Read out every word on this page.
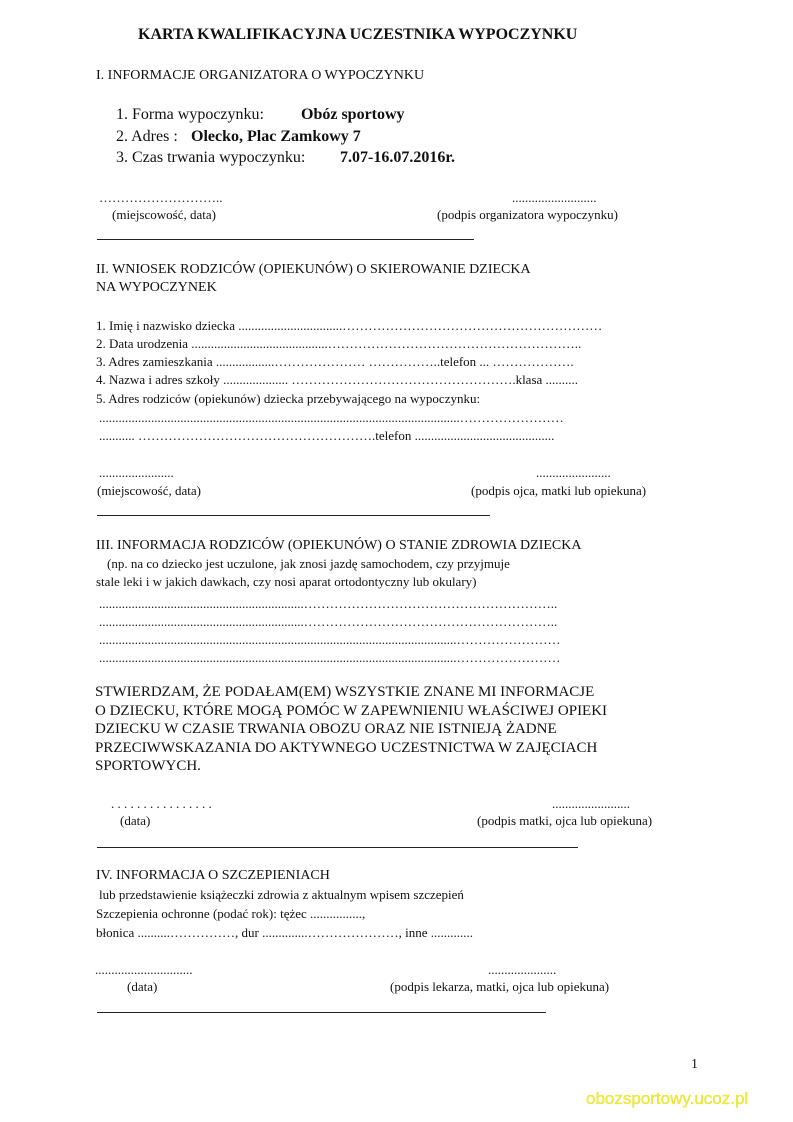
KARTA KWALIFIKACYJNA UCZESTNIKA WYPOCZYNKU
I. INFORMACJE ORGANIZATORA O WYPOCZYNKU
1. Forma wypoczynku: Obóz sportowy
2. Adres : Olecko, Plac Zamkowy 7
3. Czas trwania wypoczynku: 7.07-16.07.2016r.
………………………..	..........................
(miejscowość, data)	(podpis organizatora wypoczynku)
II. WNIOSEK RODZICÓW (OPIEKUNÓW) O SKIEROWANIE DZIECKA
NA WYPOCZYNEK
1. Imię i nazwisko dziecka ................................……………………………………………………
2. Data urodzenia ..........................................…………………………………………………..
3. Adres zamieszkania ..................………………… ……………..telefon ... ……………….
4. Nazwa i adres szkoły .................... …………………………………………….klasa ..........
5. Adres rodziców (opiekunów) dziecka przebywającego na wypoczynku:
...............................................................................................................……………………
........... ……………………………………………….telefon ...........................................
.......................	.......................
(miejscowość, data)	(podpis ojca, matki lub opiekuna)
III. INFORMACJA RODZICÓW (OPIEKUNÓW) O STANIE ZDROWIA DZIECKA
(np. na co dziecko jest uczulone, jak znosi jazdę samochodem, czy przyjmuje
stale leki i w jakich dawkach, czy nosi aparat ortodontyczny lub okulary)
...............................................................…………………………………………………..
...............................................................…………………………………………………..
..............................................................................................................……………………
..............................................................................................................……………………
STWIERDZAM, ŻE PODAŁAM(EM) WSZYSTKIE ZNANE MI INFORMACJE
O DZIECKU, KTÓRE MOGĄ POMÓC W ZAPEWNIENIU WŁAŚCIWEJ OPIEKI
DZIECKU W CZASIE TRWANIA OBOZU ORAZ NIE ISTNIEJĄ ŻADNE
PRZECIWWSKAZANIA DO AKTYWNEGO UCZESTNICTWA W ZAJĘCIACH
SPORTOWYCH.
. . . . . . . . . . . . . . . .	........................
(data)	(podpis matki, ojca lub opiekuna)
IV. INFORMACJA O SZCZEPIENIACH
lub przedstawienie książeczki zdrowia z aktualnym wpisem szczepień
Szczepienia ochronne (podać rok): tężec ................,
błonica ..........……………, dur ..............…………………, inne .............
..............................	.....................
(data)	(podpis lekarza, matki, ojca lub opiekuna)
1
obozsportowy.ucoz.pl
